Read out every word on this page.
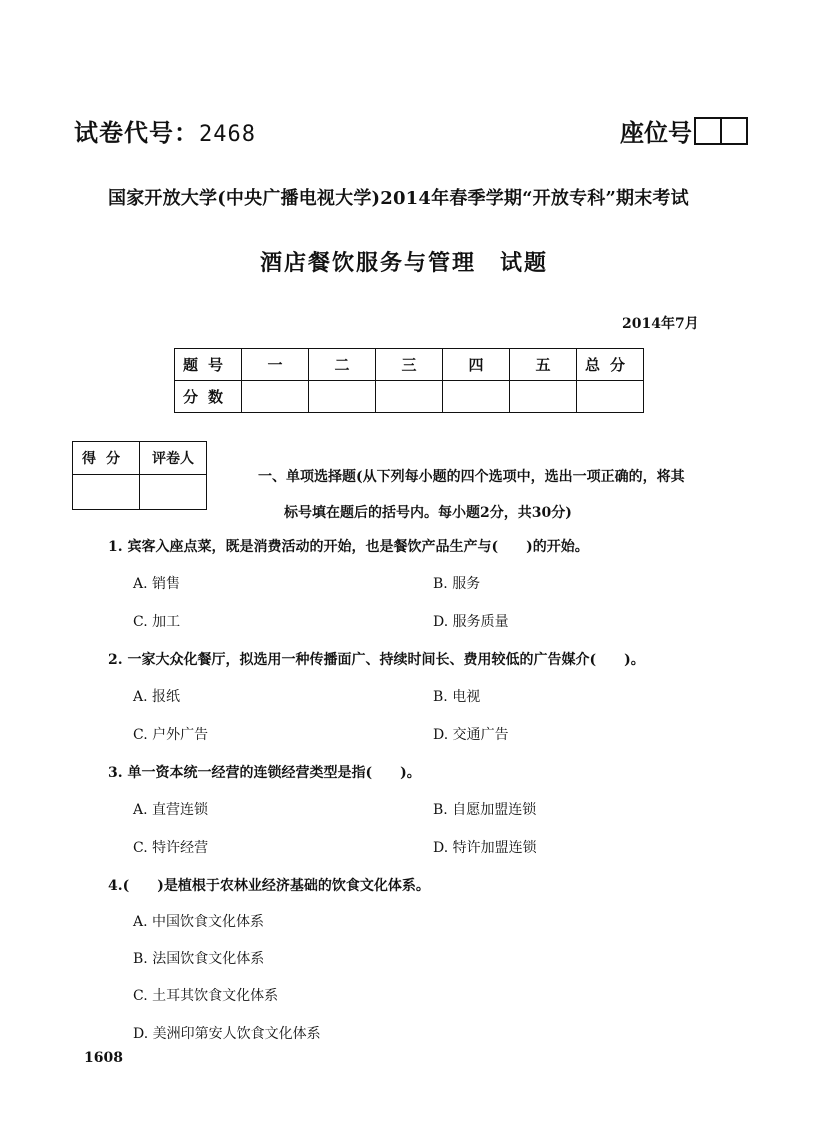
试卷代号：2468	座位号
国家开放大学(中央广播电视大学)2014年春季学期“开放专科”期末考试
酒店餐饮服务与管理　试题
2014年7月
题号	一	二	三	四	五	总分
分数						
得分	评卷人

一、单项选择题(从下列每小题的四个选项中，选出一项正确的，将其
标号填在题后的括号内。每小题2分，共30分)
1. 宾客入座点菜，既是消费活动的开始，也是餐饮产品生产与(　　)的开始。
A. 销售	B. 服务
C. 加工	D. 服务质量
2. 一家大众化餐厅，拟选用一种传播面广、持续时间长、费用较低的广告媒介(　　)。
A. 报纸	B. 电视
C. 户外广告	D. 交通广告
3. 单一资本统一经营的连锁经营类型是指(　　)。
A. 直营连锁	B. 自愿加盟连锁
C. 特许经营	D. 特许加盟连锁
4.(　　)是植根于农林业经济基础的饮食文化体系。
A. 中国饮食文化体系
B. 法国饮食文化体系
C. 土耳其饮食文化体系
D. 美洲印第安人饮食文化体系
1608
